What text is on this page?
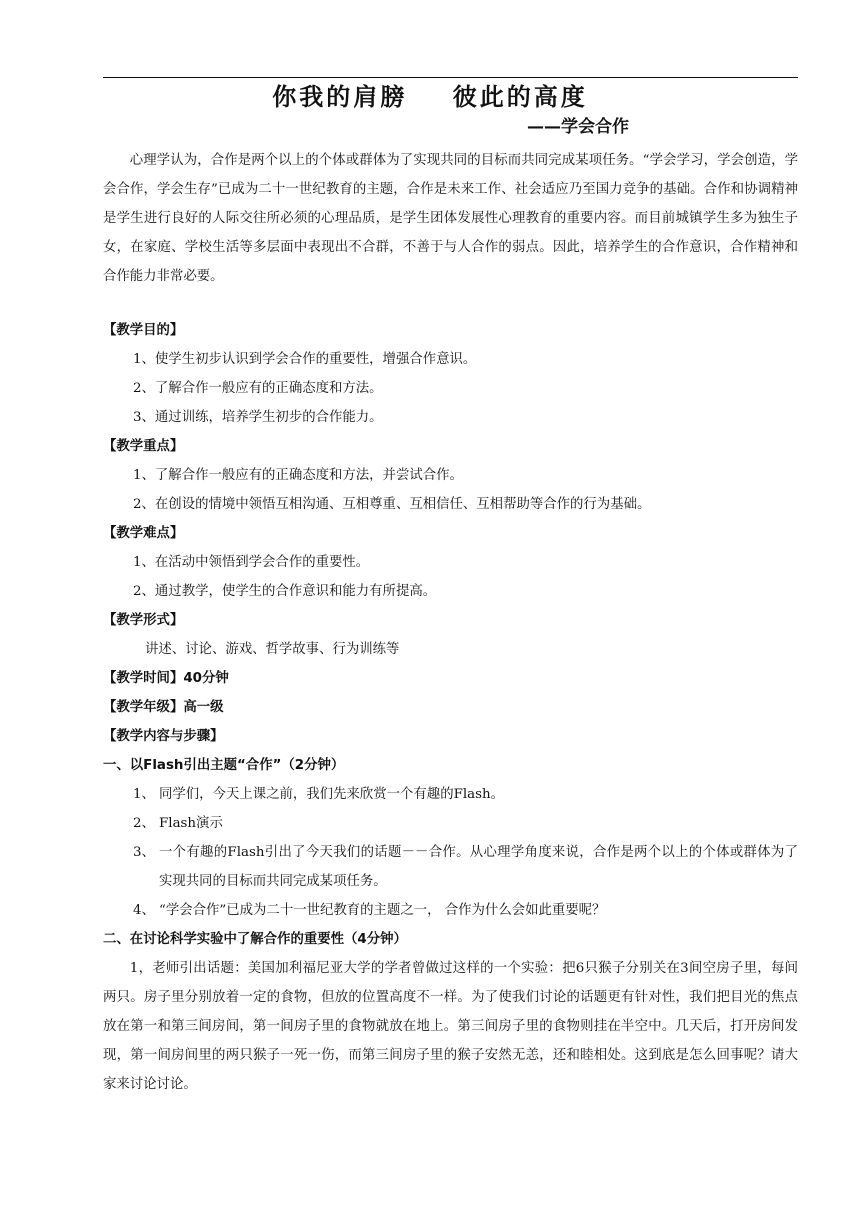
你我的肩膀    彼此的高度
——学会合作
心理学认为，合作是两个以上的个体或群体为了实现共同的目标而共同完成某项任务。“学会学习，学会创造，学会合作，学会生存”已成为二十一世纪教育的主题，合作是未来工作、社会适应乃至国力竞争的基础。合作和协调精神是学生进行良好的人际交往所必须的心理品质，是学生团体发展性心理教育的重要内容。而目前城镇学生多为独生子女，在家庭、学校生活等多层面中表现出不合群，不善于与人合作的弱点。因此，培养学生的合作意识，合作精神和合作能力非常必要。
【教学目的】
1、使学生初步认识到学会合作的重要性，增强合作意识。
2、了解合作一般应有的正确态度和方法。
3、通过训练，培养学生初步的合作能力。
【教学重点】
1、了解合作一般应有的正确态度和方法，并尝试合作。
2、在创设的情境中领悟互相沟通、互相尊重、互相信任、互相帮助等合作的行为基础。
【教学难点】
1、在活动中领悟到学会合作的重要性。
2、通过教学，使学生的合作意识和能力有所提高。
【教学形式】
讲述、讨论、游戏、哲学故事、行为训练等
【教学时间】40分钟
【教学年级】高一级
【教学内容与步骤】
一、以Flash引出主题“合作”（2分钟）
1、 同学们，今天上课之前，我们先来欣赏一个有趣的Flash。
2、 Flash演示
3、 一个有趣的Flash引出了今天我们的话题－－合作。从心理学角度来说，合作是两个以上的个体或群体为了实现共同的目标而共同完成某项任务。
4、 “学会合作”已成为二十一世纪教育的主题之一， 合作为什么会如此重要呢？
二、在讨论科学实验中了解合作的重要性（4分钟）
1，老师引出话题：美国加利福尼亚大学的学者曾做过这样的一个实验：把6只猴子分别关在3间空房子里，每间两只。房子里分别放着一定的食物，但放的位置高度不一样。为了使我们讨论的话题更有针对性，我们把目光的焦点放在第一和第三间房间，第一间房子里的食物就放在地上。第三间房子里的食物则挂在半空中。几天后，打开房间发现，第一间房间里的两只猴子一死一伤，而第三间房子里的猴子安然无恙，还和睦相处。这到底是怎么回事呢？请大家来讨论讨论。
